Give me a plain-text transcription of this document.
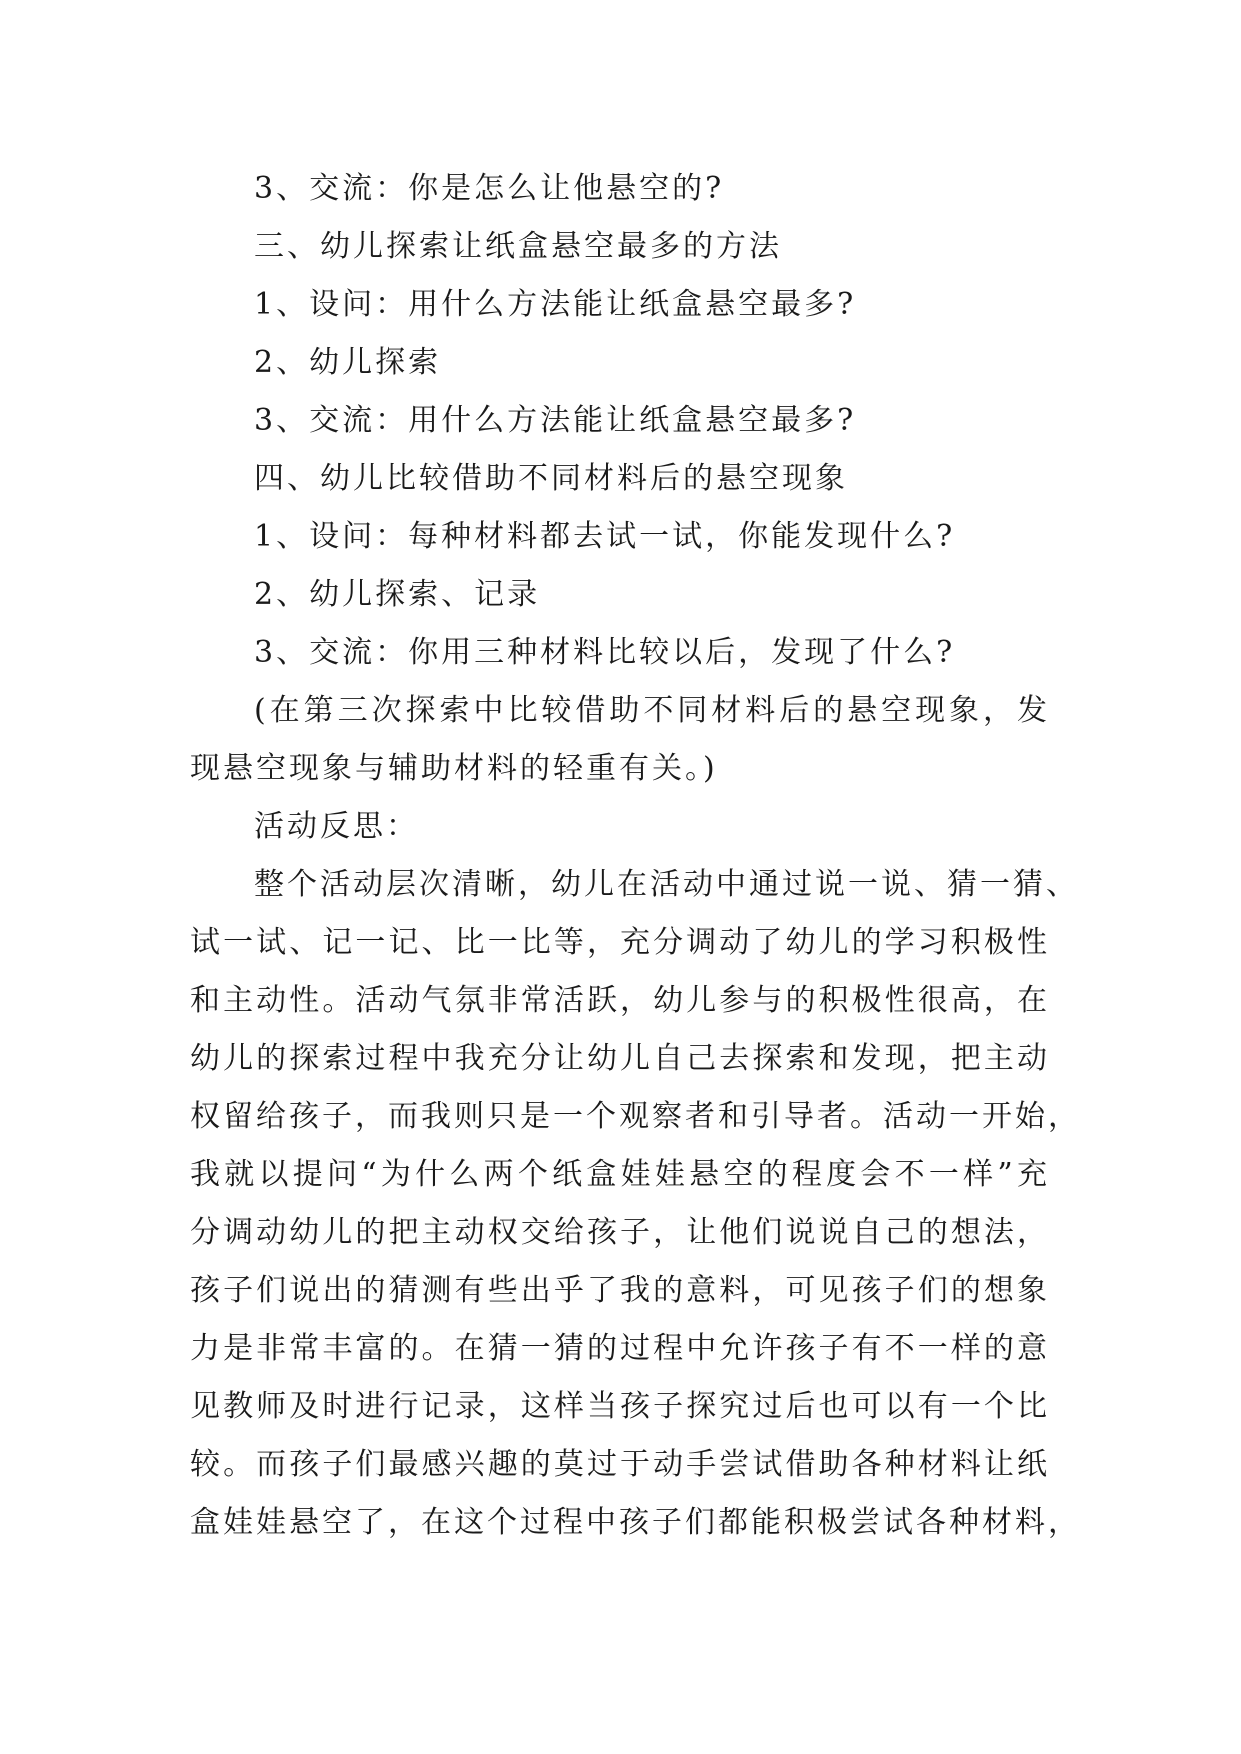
3、交流：你是怎么让他悬空的?

三、幼儿探索让纸盒悬空最多的方法

1、设问：用什么方法能让纸盒悬空最多?

2、幼儿探索

3、交流：用什么方法能让纸盒悬空最多?

四、幼儿比较借助不同材料后的悬空现象

1、设问：每种材料都去试一试，你能发现什么?

2、幼儿探索、记录

3、交流：你用三种材料比较以后，发现了什么?

(在第三次探索中比较借助不同材料后的悬空现象，发

现悬空现象与辅助材料的轻重有关。)

活动反思：

整个活动层次清晰，幼儿在活动中通过说一说、猜一猜、

试一试、记一记、比一比等，充分调动了幼儿的学习积极性

和主动性。活动气氛非常活跃，幼儿参与的积极性很高，在

幼儿的探索过程中我充分让幼儿自己去探索和发现，把主动

权留给孩子，而我则只是一个观察者和引导者。活动一开始，

我就以提问“为什么两个纸盒娃娃悬空的程度会不一样”充

分调动幼儿的把主动权交给孩子，让他们说说自己的想法，

孩子们说出的猜测有些出乎了我的意料，可见孩子们的想象

力是非常丰富的。在猜一猜的过程中允许孩子有不一样的意

见教师及时进行记录，这样当孩子探究过后也可以有一个比

较。而孩子们最感兴趣的莫过于动手尝试借助各种材料让纸

盒娃娃悬空了，在这个过程中孩子们都能积极尝试各种材料，
